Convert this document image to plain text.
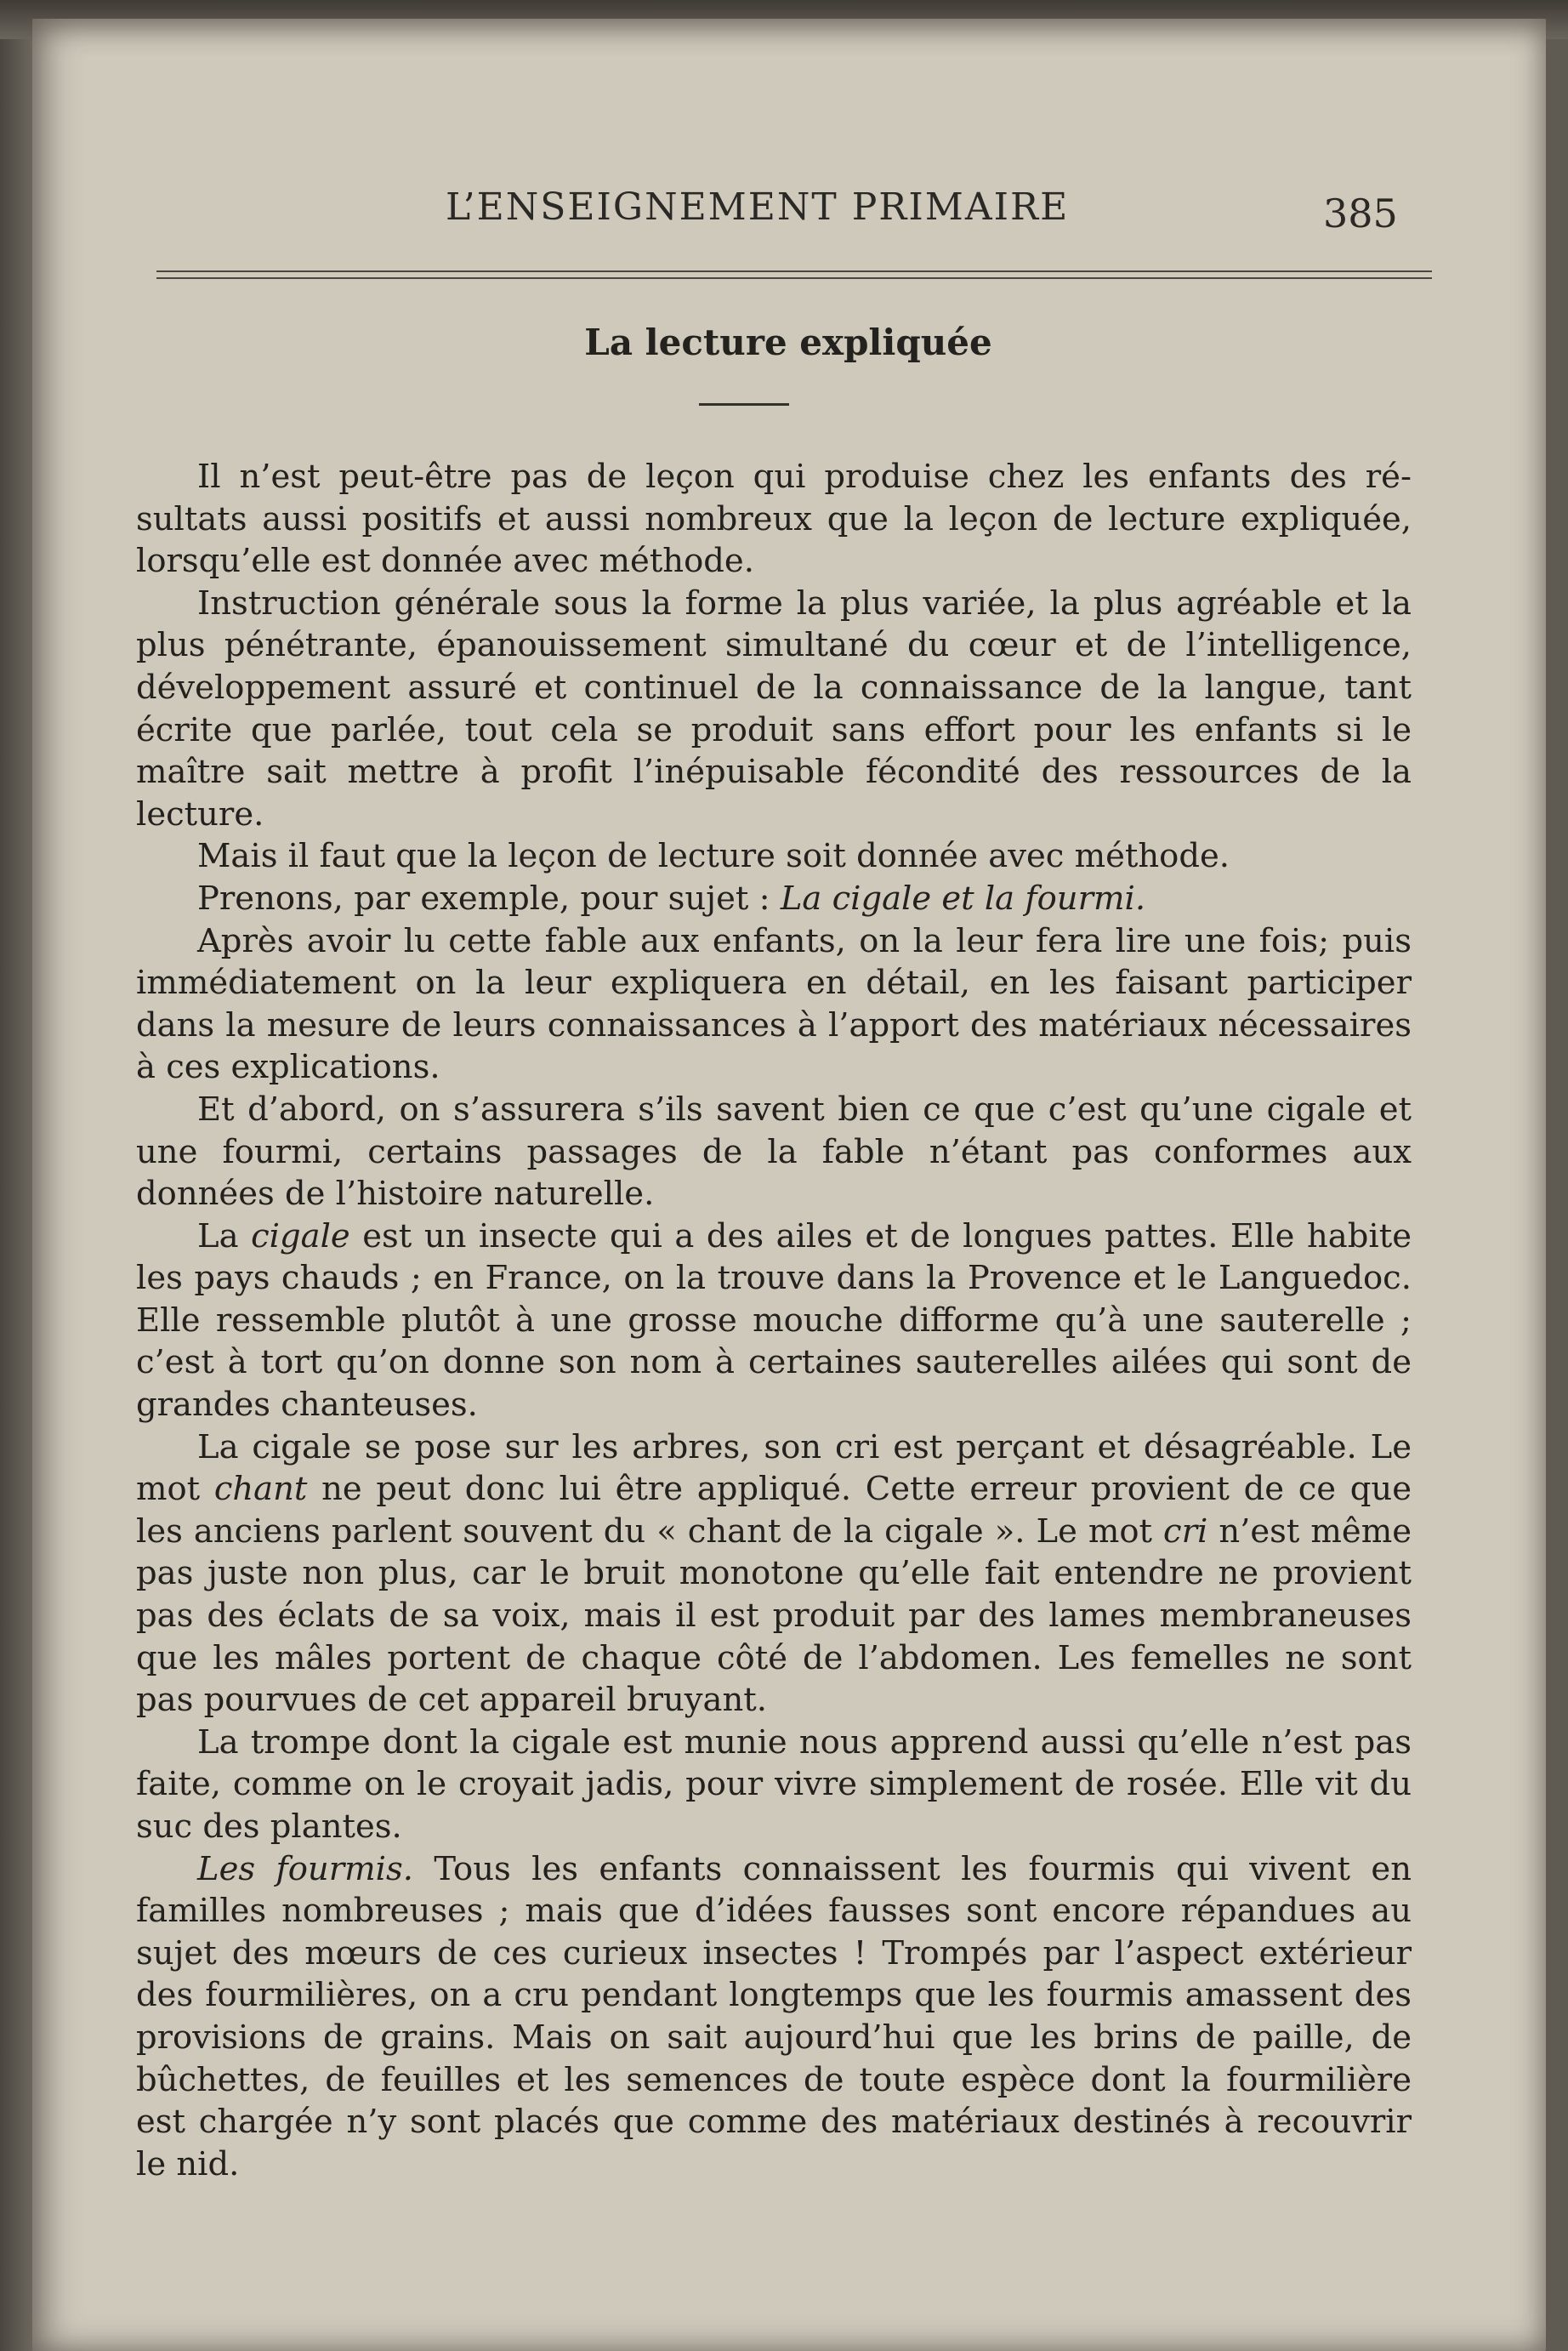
L’ENSEIGNEMENT PRIMAIRE	385
La lecture expliquée

Il n’est peut-être pas de leçon qui produise chez les enfants des résultats aussi positifs et aussi nombreux que la leçon de lecture expliquée, lorsqu’elle est donnée avec méthode.

Instruction générale sous la forme la plus variée, la plus agréable et la plus pénétrante, épanouissement simultané du cœur et de l’intelligence, développement assuré et continuel de la connaissance de la langue, tant écrite que parlée, tout cela se produit sans effort pour les enfants si le maître sait mettre à profit l’inépuisable fécondité des ressources de la lecture.

Mais il faut que la leçon de lecture soit donnée avec méthode.

Prenons, par exemple, pour sujet : La cigale et la fourmi.

Après avoir lu cette fable aux enfants, on la leur fera lire une fois; puis immédiatement on la leur expliquera en détail, en les faisant participer dans la mesure de leurs connaissances à l’apport des matériaux nécessaires à ces explications.

Et d’abord, on s’assurera s’ils savent bien ce que c’est qu’une cigale et une fourmi, certains passages de la fable n’étant pas conformes aux données de l’histoire naturelle.

La cigale est un insecte qui a des ailes et de longues pattes. Elle habite les pays chauds ; en France, on la trouve dans la Provence et le Languedoc. Elle ressemble plutôt à une grosse mouche difforme qu’à une sauterelle ; c’est à tort qu’on donne son nom à certaines sauterelles ailées qui sont de grandes chanteuses.

La cigale se pose sur les arbres, son cri est perçant et désagréable. Le mot chant ne peut donc lui être appliqué. Cette erreur provient de ce que les anciens parlent souvent du « chant de la cigale ». Le mot cri n’est même pas juste non plus, car le bruit monotone qu’elle fait entendre ne provient pas des éclats de sa voix, mais il est produit par des lames membraneuses que les mâles portent de chaque côté de l’abdomen. Les femelles ne sont pas pourvues de cet appareil bruyant.

La trompe dont la cigale est munie nous apprend aussi qu’elle n’est pas faite, comme on le croyait jadis, pour vivre simplement de rosée. Elle vit du suc des plantes.

Les fourmis. Tous les enfants connaissent les fourmis qui vivent en familles nombreuses ; mais que d’idées fausses sont encore répandues au sujet des mœurs de ces curieux insectes ! Trompés par l’aspect extérieur des fourmilières, on a cru pendant longtemps que les fourmis amassent des provisions de grains. Mais on sait aujourd’hui que les brins de paille, de bûchettes, de feuilles et les semences de toute espèce dont la fourmilière est chargée n’y sont placés que comme des matériaux destinés à recouvrir le nid.
